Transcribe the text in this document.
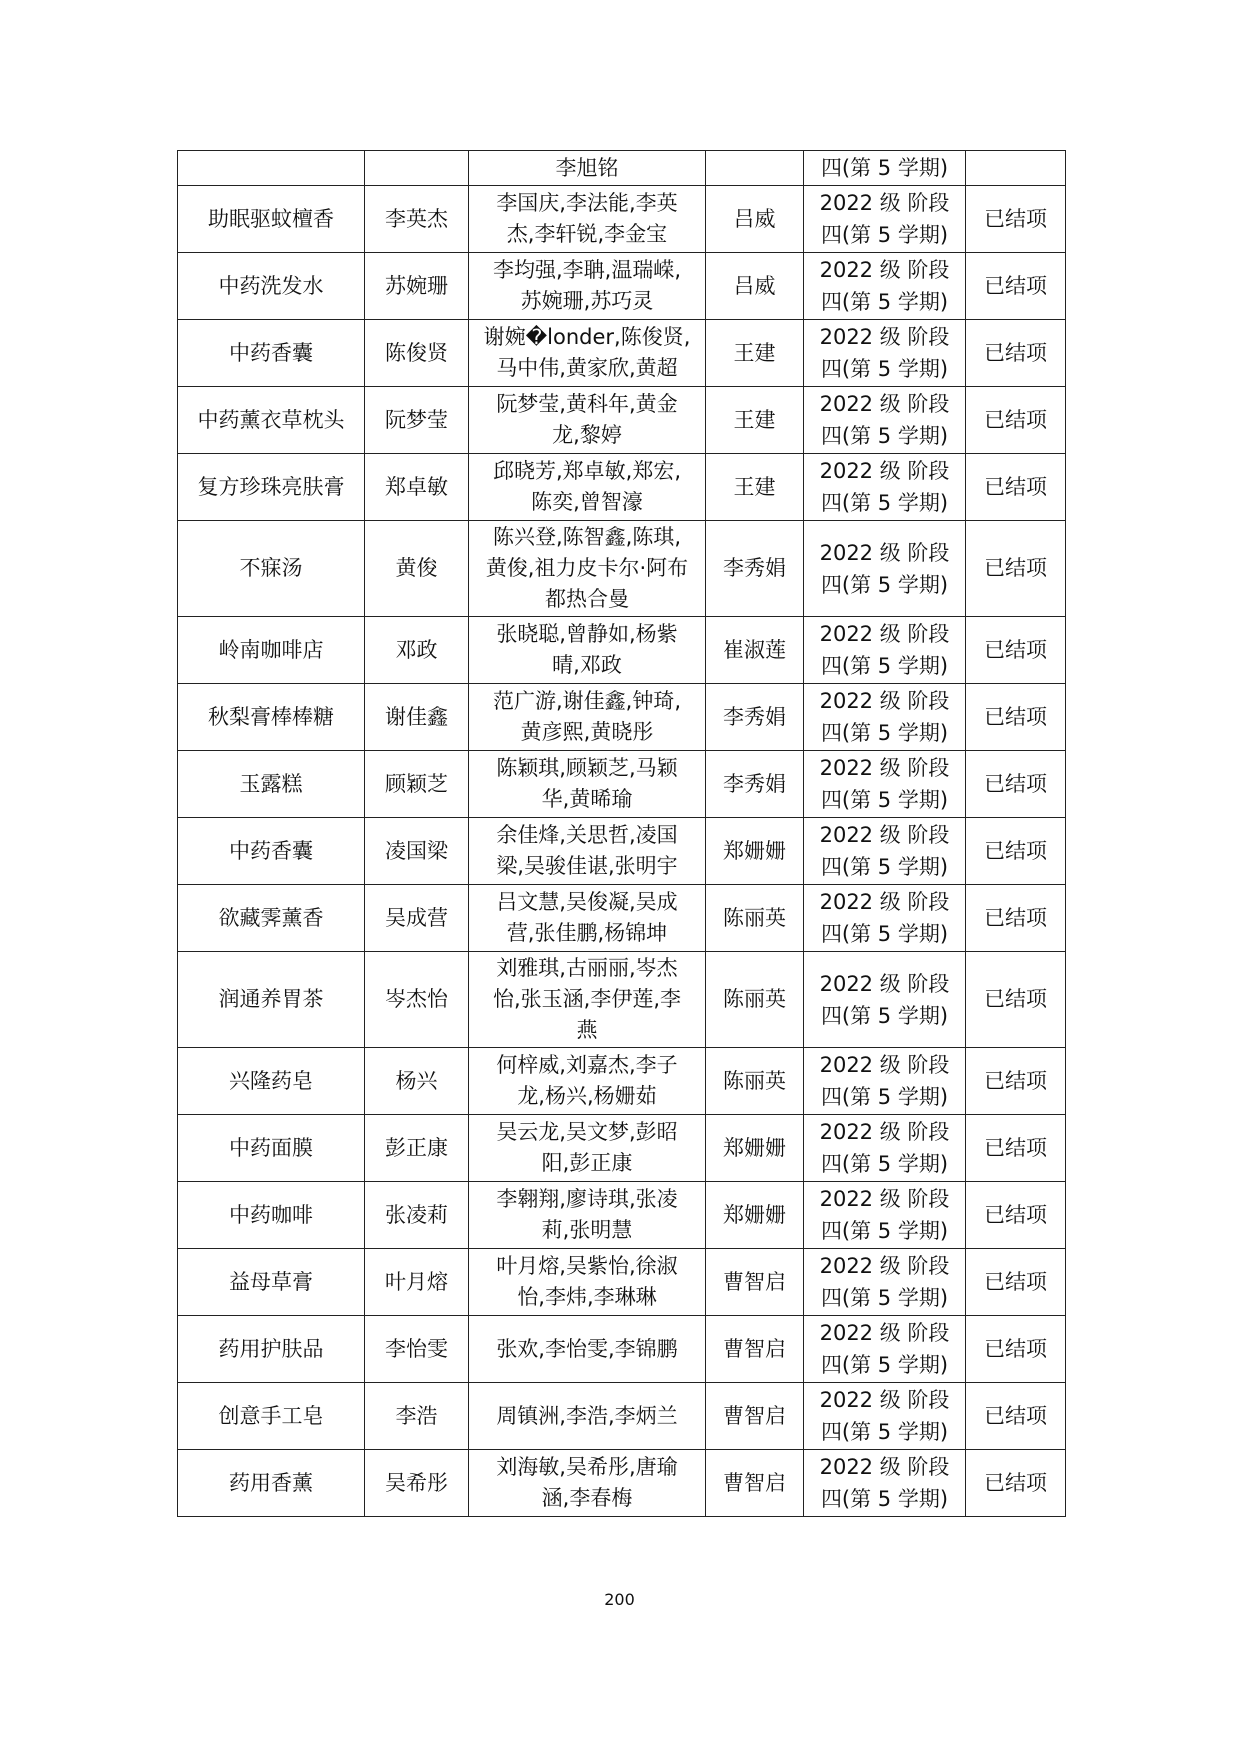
		李旭铭		四(第 5 学期)	
助眠驱蚊檀香	李英杰	李国庆,李法能,李英杰,李轩锐,李金宝	吕威	2022 级 阶段四(第 5 学期)	已结项
中药洗发水	苏婉珊	李均强,李聃,温瑞嵘,苏婉珊,苏巧灵	吕威	2022 级 阶段四(第 5 学期)	已结项
中药香囊	陈俊贤	谢婉�londer,陈俊贤,马中伟,黄家欣,黄超	王建	2022 级 阶段四(第 5 学期)	已结项
中药薰衣草枕头	阮梦莹	阮梦莹,黄科年,黄金龙,黎婷	王建	2022 级 阶段四(第 5 学期)	已结项
复方珍珠亮肤膏	郑卓敏	邱晓芳,郑卓敏,郑宏,陈奕,曾智濠	王建	2022 级 阶段四(第 5 学期)	已结项
不寐汤	黄俊	陈兴登,陈智鑫,陈琪,黄俊,祖力皮卡尔·阿布都热合曼	李秀娟	2022 级 阶段四(第 5 学期)	已结项
岭南咖啡店	邓政	张晓聪,曾静如,杨紫晴,邓政	崔淑莲	2022 级 阶段四(第 5 学期)	已结项
秋梨膏棒棒糖	谢佳鑫	范广游,谢佳鑫,钟琦,黄彦熙,黄晓彤	李秀娟	2022 级 阶段四(第 5 学期)	已结项
玉露糕	顾颖芝	陈颖琪,顾颖芝,马颖华,黄晞瑜	李秀娟	2022 级 阶段四(第 5 学期)	已结项
中药香囊	凌国梁	余佳烽,关思哲,凌国梁,吴骏佳谌,张明宇	郑姗姗	2022 级 阶段四(第 5 学期)	已结项
欲藏霁薰香	吴成营	吕文慧,吴俊凝,吴成营,张佳鹏,杨锦坤	陈丽英	2022 级 阶段四(第 5 学期)	已结项
润通养胃茶	岑杰怡	刘雅琪,古丽丽,岑杰怡,张玉涵,李伊莲,李燕	陈丽英	2022 级 阶段四(第 5 学期)	已结项
兴隆药皂	杨兴	何梓威,刘嘉杰,李子龙,杨兴,杨姗茹	陈丽英	2022 级 阶段四(第 5 学期)	已结项
中药面膜	彭正康	吴云龙,吴文梦,彭昭阳,彭正康	郑姗姗	2022 级 阶段四(第 5 学期)	已结项
中药咖啡	张凌莉	李翱翔,廖诗琪,张凌莉,张明慧	郑姗姗	2022 级 阶段四(第 5 学期)	已结项
益母草膏	叶月熔	叶月熔,吴紫怡,徐淑怡,李炜,李琳琳	曹智启	2022 级 阶段四(第 5 学期)	已结项
药用护肤品	李怡雯	张欢,李怡雯,李锦鹏	曹智启	2022 级 阶段四(第 5 学期)	已结项
创意手工皂	李浩	周镇洲,李浩,李炳兰	曹智启	2022 级 阶段四(第 5 学期)	已结项
药用香薰	吴希彤	刘海敏,吴希彤,唐瑜涵,李春梅	曹智启	2022 级 阶段四(第 5 学期)	已结项
200
